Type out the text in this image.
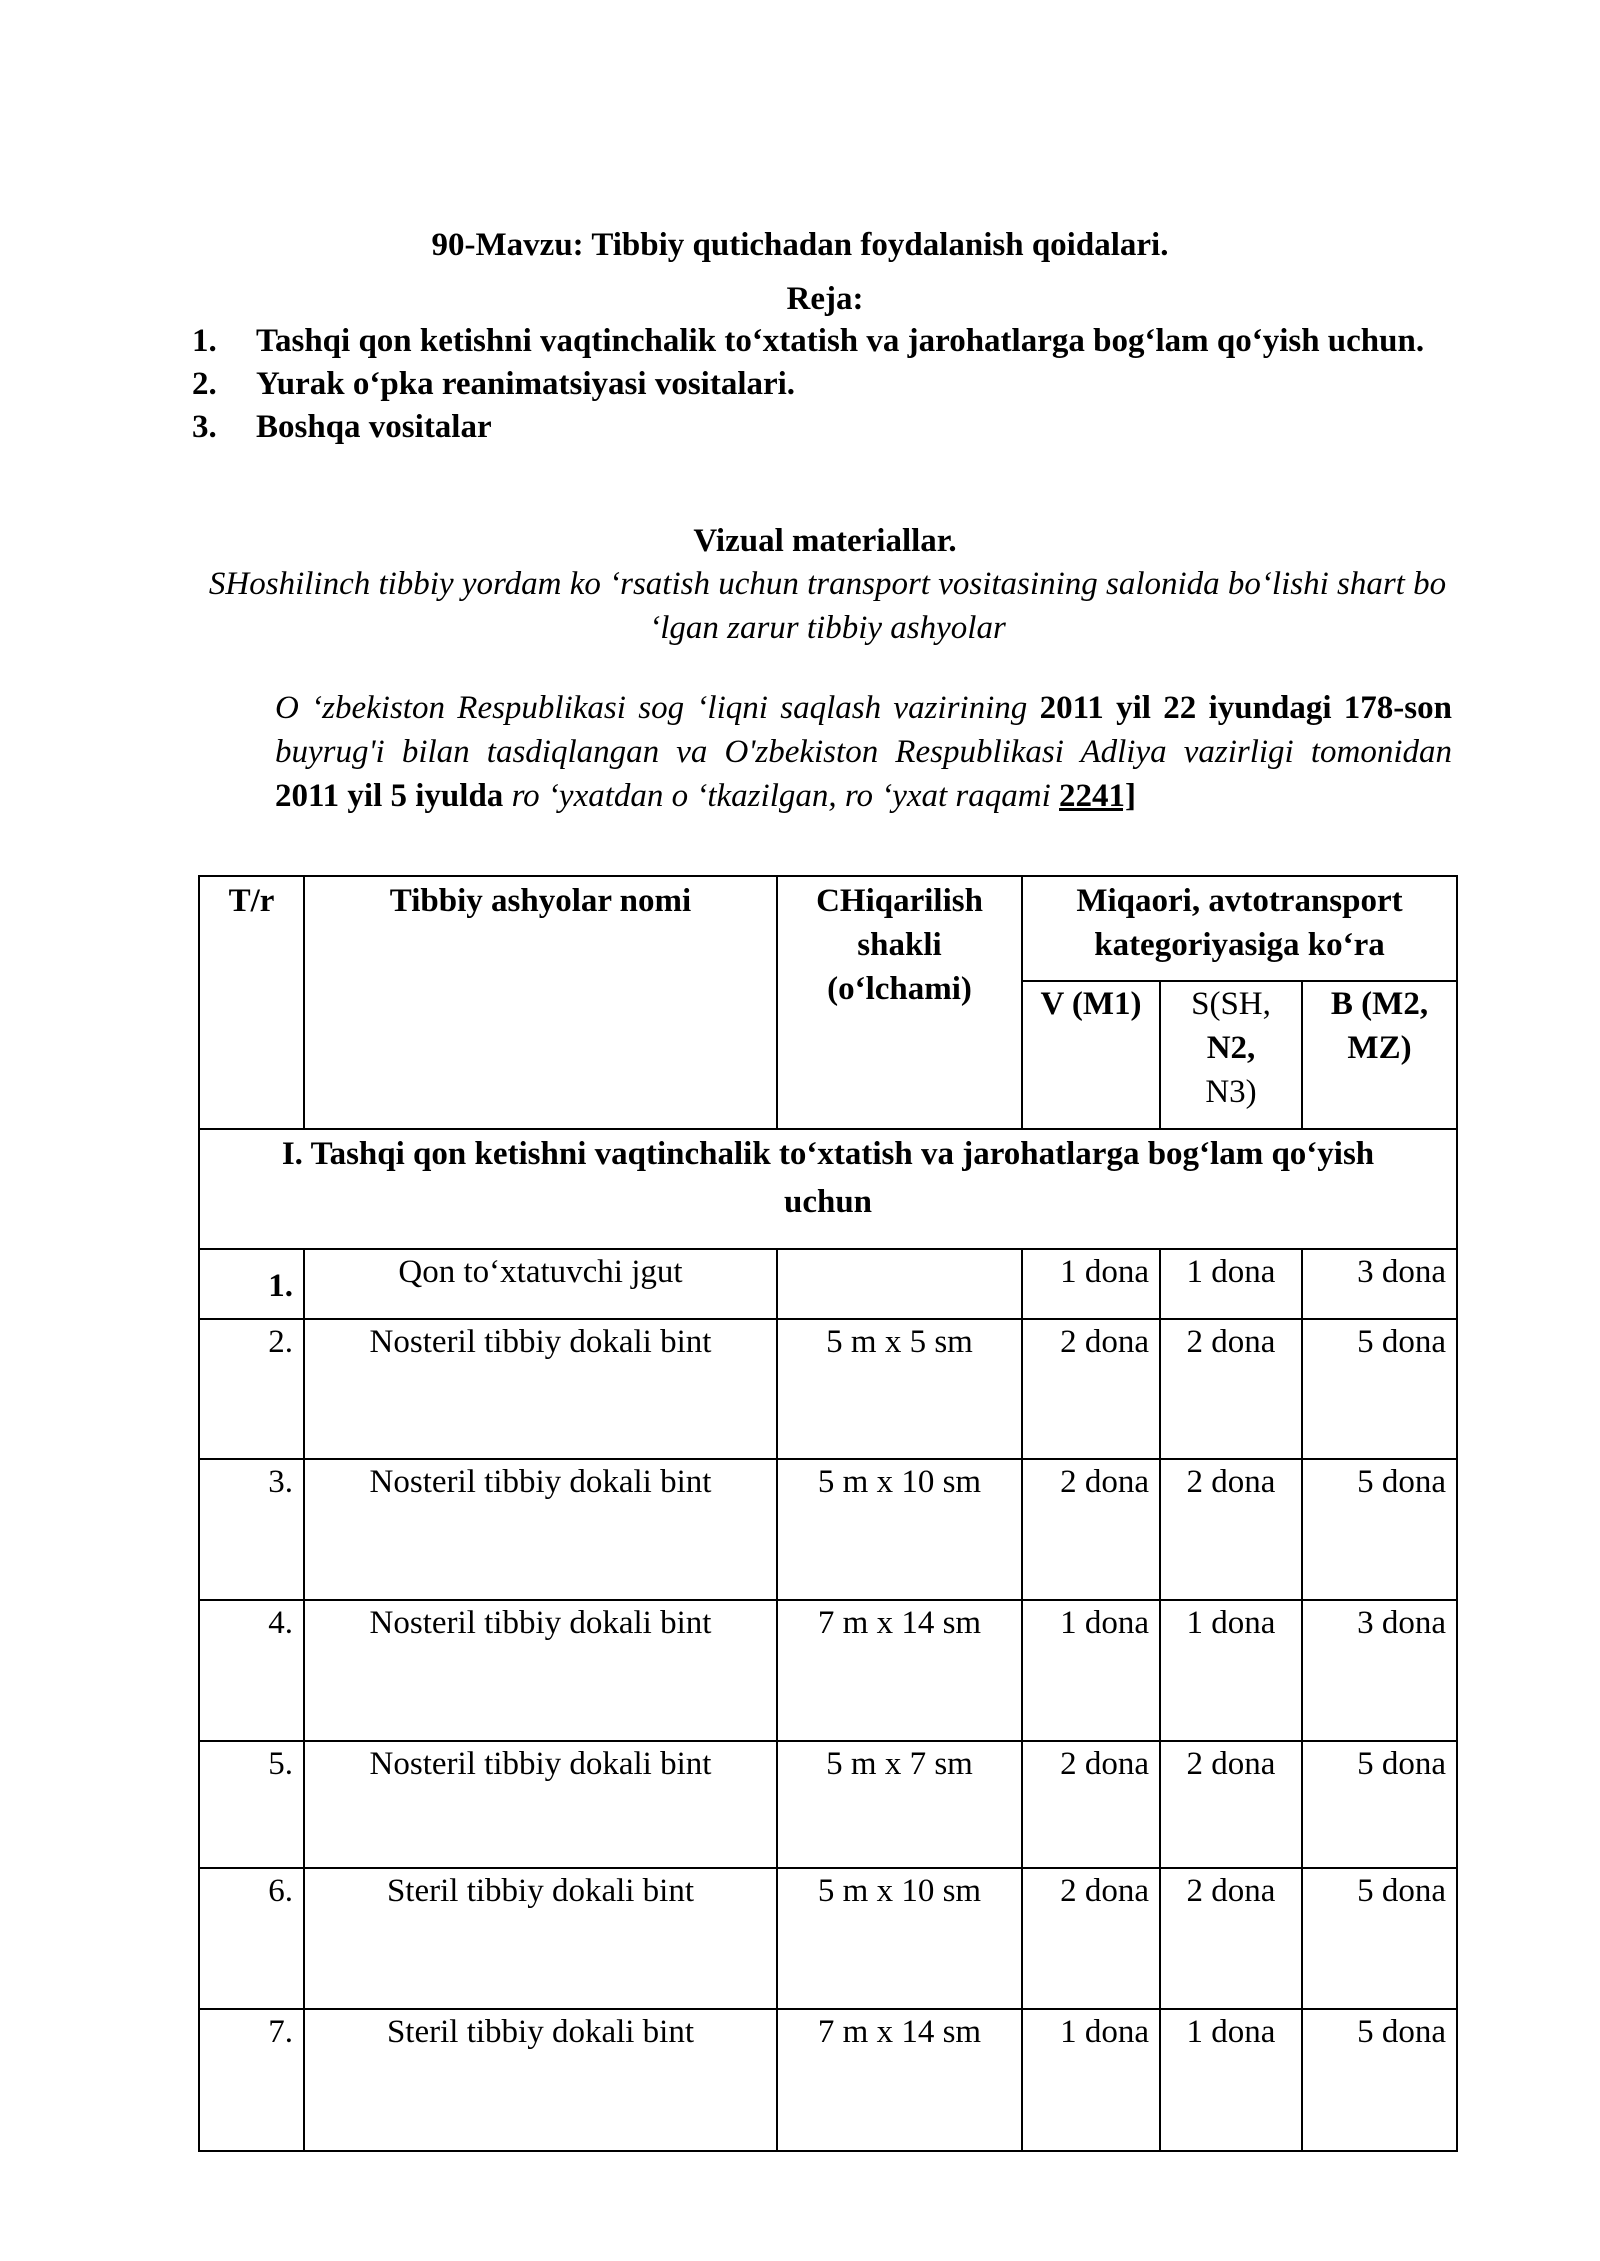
90-Mavzu: Tibbiy qutichadan foydalanish qoidalari.
Reja:
1. Tashqi qon ketishni vaqtinchalik to‘xtatish va jarohatlarga bog‘lam qo‘yish uchun.
2. Yurak o‘pka reanimatsiyasi vositalari.
3. Boshqa vositalar
Vizual materiallar.

SHoshilinch tibbiy yordam ko ‘rsatish uchun transport vositasining salonida bo‘lishi shart bo ‘lgan zarur tibbiy ashyolar

O ‘zbekiston Respublikasi sog ‘liqni saqlash vazirining 2011 yil 22 iyundagi 178-son buyrug'i bilan tasdiqlangan va O'zbekiston Respublikasi Adliya vazirligi tomonidan 2011 yil 5 iyulda ro ‘yxatdan o ‘tkazilgan, ro ‘yxat raqami 2241]

T/r	Tibbiy ashyolar nomi	CHiqarilish shakli (o‘lchami)	Miqaori, avtotransport kategoriyasiga ko‘ra		
			V (M1)	S(SH,
N2,
N3)	B (M2, MZ)
I. Tashqi qon ketishni vaqtinchalik to‘xtatish va jarohatlarga bog‘lam qo‘yish uchun					
1.	Qon to‘xtatuvchi jgut		1 dona	1 dona	3 dona
2.	Nosteril tibbiy dokali bint	5 m x 5 sm	2 dona	2 dona	5 dona
3.	Nosteril tibbiy dokali bint	5 m x 10 sm	2 dona	2 dona	5 dona
4.	Nosteril tibbiy dokali bint	7 m x 14 sm	1 dona	1 dona	3 dona
5.	Nosteril tibbiy dokali bint	5 m x 7 sm	2 dona	2 dona	5 dona
6.	Steril tibbiy dokali bint	5 m x 10 sm	2 dona	2 dona	5 dona
7.	Steril tibbiy dokali bint	7 m x 14 sm	1 dona	1 dona	5 dona
